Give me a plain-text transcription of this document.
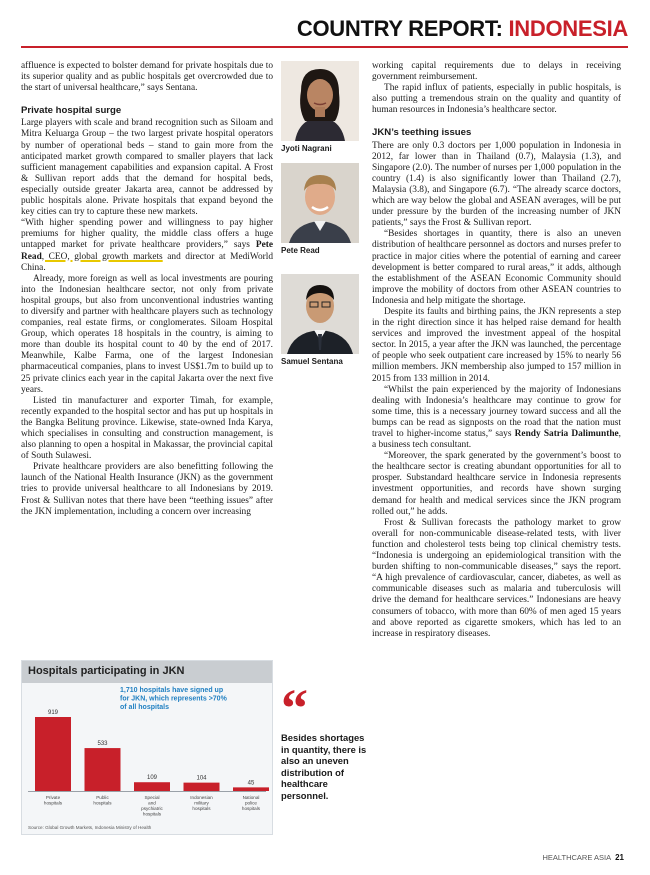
COUNTRY REPORT: INDONESIA

affluence is expected to bolster demand for private hospitals due to its superior quality and as public hospitals get overcrowded due to the start of universal healthcare,” says Sentana.

Private hospital surge

Large players with scale and brand recognition such as Siloam and Mitra Keluarga Group – the two largest private hospital operators by number of operational beds – stand to gain more from the anticipated market growth compared to smaller players that lack sufficient management capabilities and expansion capital. A Frost & Sullivan report adds that the demand for hospital beds, especially outside greater Jakarta area, cannot be addressed by public hospitals alone. Private hospitals that expand beyond the key cities can try to capture these new markets.

“With higher spending power and willingness to pay higher premiums for higher quality, the middle class offers a huge untapped market for private healthcare providers,” says Pete Read, CEO, global growth markets and director at MediWorld China.

Already, more foreign as well as local investments are pouring into the Indonesian healthcare sector, not only from private hospital groups, but also from unconventional industries wanting to diversify and partner with healthcare players such as technology companies, real estate firms, or conglomerates. Siloam Hospital Group, which operates 18 hospitals in the country, is aiming to more than double its hospital count to 40 by the end of 2017. Meanwhile, Kalbe Farma, one of the largest Indonesian pharmaceutical companies, plans to invest US$1.7m to build up to 25 private clinics each year in the capital Jakarta over the next five years.

Listed tin manufacturer and exporter Timah, for example, recently expanded to the hospital sector and has put up hospitals in the Bangka Belitung province. Likewise, state-owned Inda Karya, which specialises in consulting and construction management, is also planning to open a hospital in Makassar, the provincial capital of South Sulawesi.

Private healthcare providers are also benefitting following the launch of the National Health Insurance (JKN) as the government tries to provide universal healthcare to all Indonesians by 2019. Frost & Sullivan notes that there have been “teething issues” after the JKN implementation, including a concern over increasing

Jyoti Nagrani
Pete Read
Samuel Sentana

working capital requirements due to delays in receiving government reimbursement.

The rapid influx of patients, especially in public hospitals, is also putting a tremendous strain on the quality and quantity of human resources in Indonesia’s healthcare sector.

JKN’s teething issues

There are only 0.3 doctors per 1,000 population in Indonesia in 2012, far lower than in Thailand (0.7), Malaysia (1.3), and Singapore (2.0). The number of nurses per 1,000 population in the country (1.4) is also significantly lower than Thailand (2.7), Malaysia (3.8), and Singapore (6.7). “The already scarce doctors, which are way below the global and ASEAN averages, will be put under pressure by the burden of the increasing number of JKN patients,” says the Frost & Sullivan report.

“Besides shortages in quantity, there is also an uneven distribution of healthcare personnel as doctors and nurses prefer to practice in major cities where the potential of earning and career development is better compared to rural areas,” it adds, although the establishment of the ASEAN Economic Community should improve the mobility of doctors from other ASEAN countries to Indonesia and help mitigate the shortage.

Despite its faults and birthing pains, the JKN represents a step in the right direction since it has helped raise demand for health services and improved the investment appeal of the hospital sector. In 2015, a year after the JKN was launched, the percentage of people who seek outpatient care increased by 15% to nearly 56 million members. JKN membership also jumped to 157 million in 2015 from 133 million in 2014.

“Whilst the pain experienced by the majority of Indonesians dealing with Indonesia’s healthcare may continue to grow for some time, this is a necessary journey toward success and all the bumps can be read as signposts on the road that the nation must travel to higher-income status,” says Rendy Satria Dalimunthe, a business tech consultant.

“Moreover, the spark generated by the government’s boost to the healthcare sector is creating abundant opportunities for all to prosper. Substandard healthcare service in Indonesia represents investment opportunities, and records have shown surging demand for health and medical services since the JKN program rolled out,” he adds.

Frost & Sullivan forecasts the pathology market to grow overall for non-communicable disease-related tests, with liver function and cholesterol tests being top clinical chemistry tests. “Indonesia is undergoing an epidemiological transition with the burden shifting to non-communicable diseases,” says the report. “A high prevalence of cardiovascular, cancer, diabetes, as well as communicable diseases such as malaria and tuberculosis will drive the demand for healthcare services.” Indonesians are heavy consumers of tobacco, with more than 60% of men aged 15 years and above reported as cigarette smokers, which has led to an increase in respiratory diseases.

Hospitals participating in JKN
919
Private hospitals
533
Public hospitals
109
Special and psychiatric hospitals
104
Indonesian military hospitals
45
National police hospitals
1,710 hospitals have signed up for JKN, which represents >70% of all hospitals
Source: Global Growth Markets, Indonesia Ministry of Health
“
Besides shortages in quantity, there is also an uneven distribution of healthcare personnel.
HEALTHCARE ASIA 21
